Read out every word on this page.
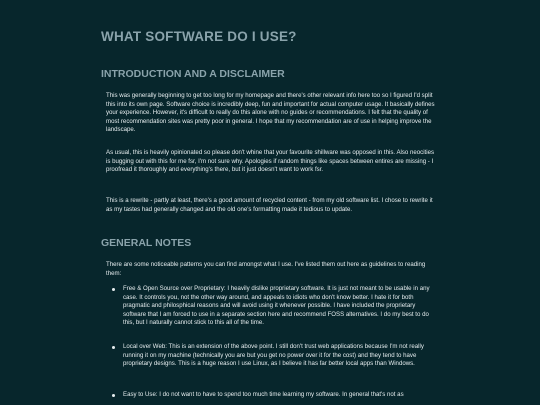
WHAT SOFTWARE DO I USE?
INTRODUCTION AND A DISCLAIMER

This was generally beginning to get too long for my homepage and there's other relevant info here too so I figured I'd split this into its own page. Software choice is incredibly deep, fun and important for actual computer usage. It basically defines your experience. However, it's difficult to really do this alone with no guides or recommendations. I felt that the quality of most recommendation sites was pretty poor in general. I hope that my recommendation are of use in helping improve the landscape.

As usual, this is heavily opinionated so please don't whine that your favourite shillware was opposed in this. Also neocities is bugging out with this for me fsr, I'm not sure why. Apologies if random things like spaces between entires are missing - I proofread it thoroughly and everything's there, but it just doesn't want to work fsr.

This is a rewrite - partly at least, there's a good amount of recycled content - from my old software list. I chose to rewrite it as my tastes had generally changed and the old one's formatting made it tedious to update.

GENERAL NOTES

There are some noticeable patterns you can find amongst what I use. I've listed them out here as guidelines to reading them:

Free & Open Source over Proprietary: I heavily dislike proprietary software. It is just not meant to be usable in any case. It controls you, not the other way around, and appeals to idiots who don't know better. I hate it for both pragmatic and philosphical reasons and will avoid using it whenever possible. I have included the proprietary software that I am forced to use in a separate section here and recommend FOSS alternatives. I do my best to do this, but I naturally cannot stick to this all of the time.

Local over Web: This is an extension of the above point. I still don't trust web applications because I'm not really running it on my machine (technically you are but you get no power over it for the cost) and they tend to have proprietary designs. This is a huge reason I use Linux, as I believe it has far better local apps than Windows.

Easy to Use: I do not want to have to spend too much time learning my software. In general that's not as
